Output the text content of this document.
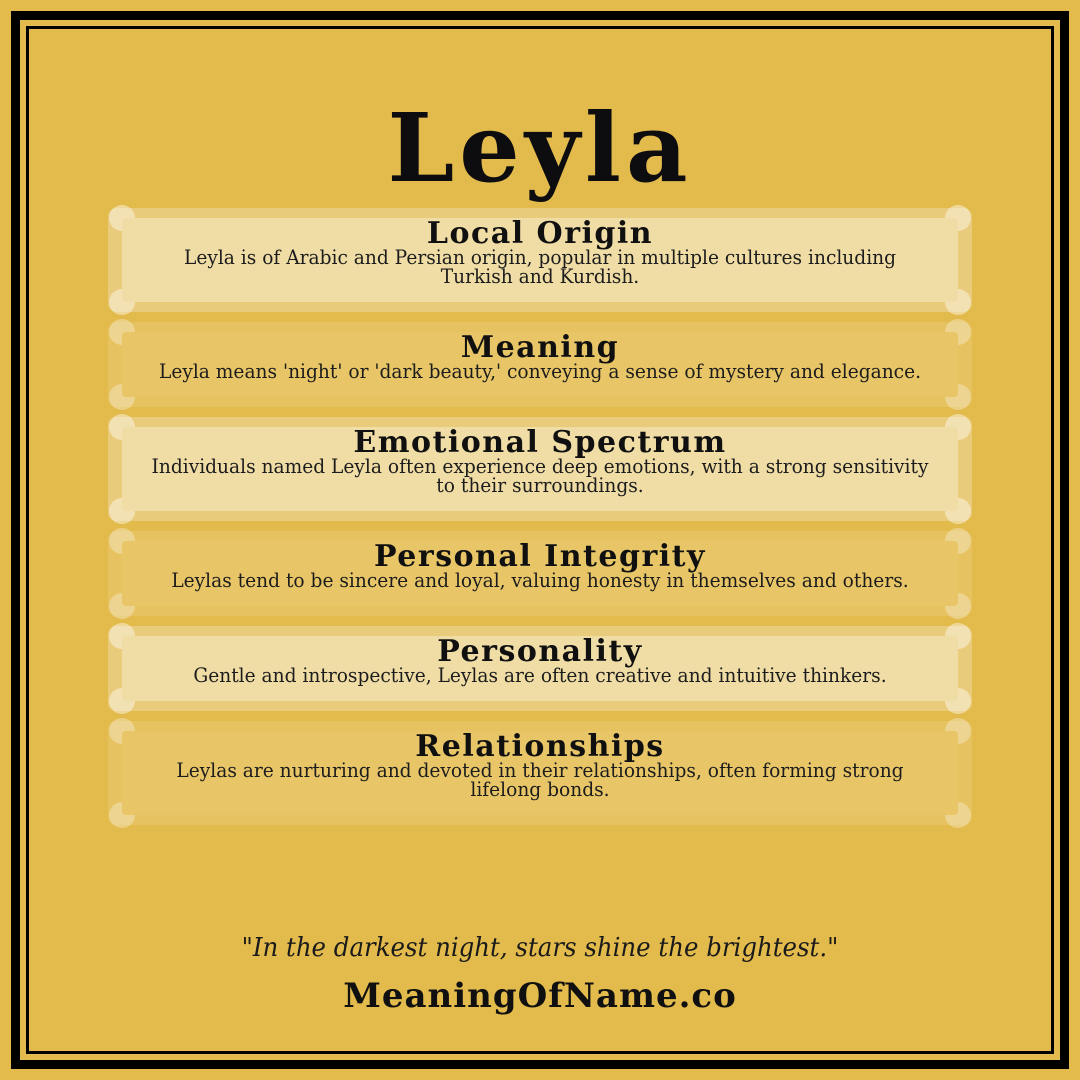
Leyla
Local Origin
Leyla is of Arabic and Persian origin, popular in multiple cultures including
Turkish and Kurdish.
Meaning
Leyla means 'night' or 'dark beauty,' conveying a sense of mystery and elegance.
Emotional Spectrum
Individuals named Leyla often experience deep emotions, with a strong sensitivity
to their surroundings.
Personal Integrity
Leylas tend to be sincere and loyal, valuing honesty in themselves and others.
Personality
Gentle and introspective, Leylas are often creative and intuitive thinkers.
Relationships
Leylas are nurturing and devoted in their relationships, often forming strong
lifelong bonds.
"In the darkest night, stars shine the brightest."
MeaningOfName.co
